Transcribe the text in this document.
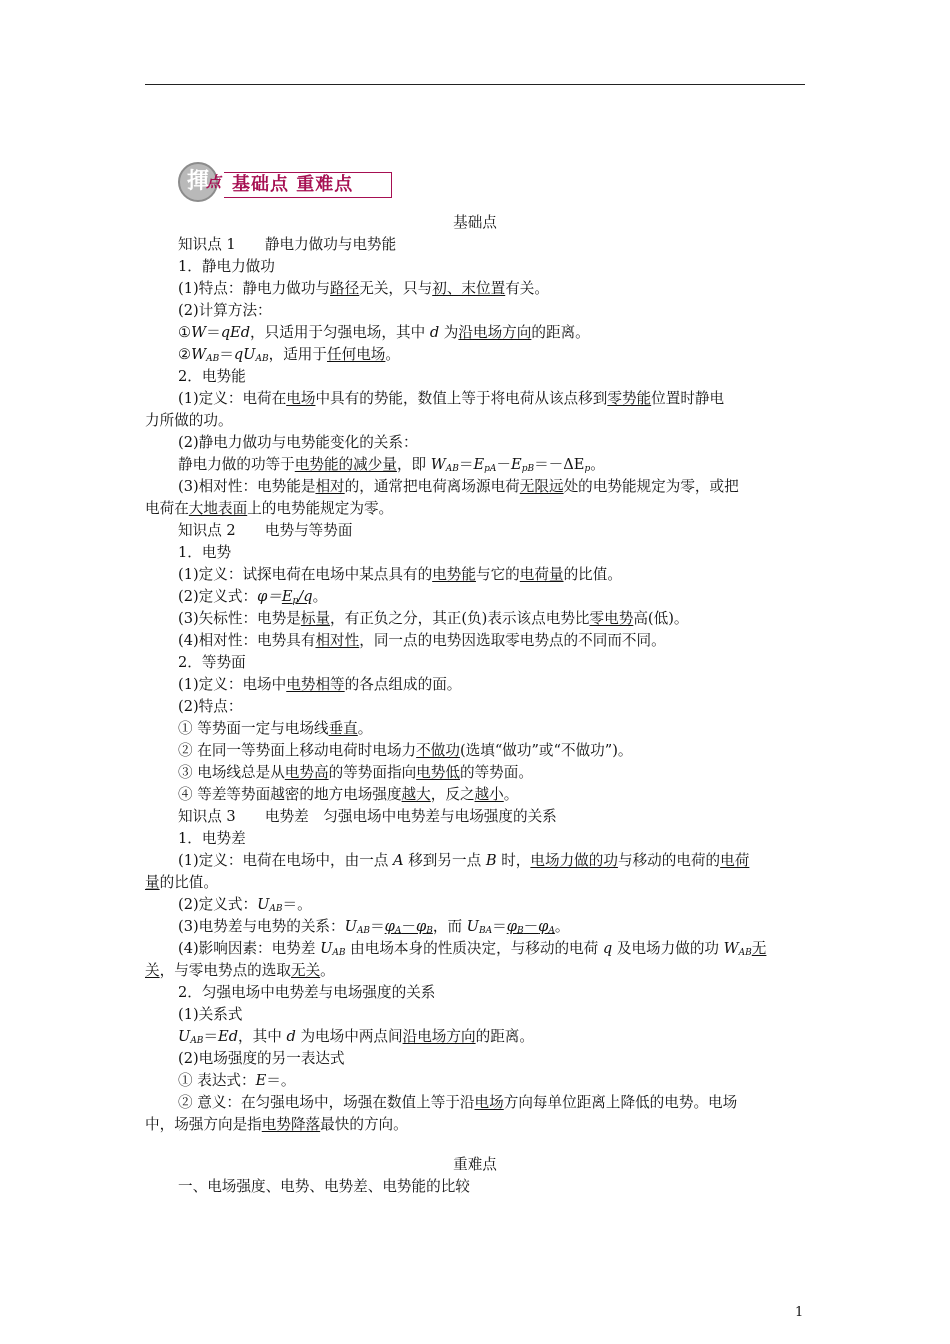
揮
点 基础点 重难点
基础点
知识点 1　　静电力做功与电势能
1．静电力做功
(1)特点：静电力做功与路径无关，只与初、末位置有关。
(2)计算方法：
①W＝qEd，只适用于匀强电场，其中 d 为沿电场方向的距离。
$②W_{AB}=qU_{AB}$，适用于任何电场。
2．电势能
(1)定义：电荷在电场中具有的势能，数值上等于将电荷从该点移到零势能位置时静电
力所做的功。
(2)静电力做功与电势能变化的关系：
静电力做的功等于电势能的减少量，即 $W_{AB}=E_{pA}-E_{pB}=-\Delta E_p$。
(3)相对性：电势能是相对的，通常把电荷离场源电荷无限远处的电势能规定为零，或把
电荷在大地表面上的电势能规定为零。
知识点 2　　电势与等势面
1．电势
(1)定义：试探电荷在电场中某点具有的电势能与它的电荷量的比值。
(2)定义式：$\varphi=E_p/q$。
(3)矢标性：电势是标量，有正负之分，其正(负)表示该点电势比零电势高(低)。
(4)相对性：电势具有相对性，同一点的电势因选取零电势点的不同而不同。
2．等势面
(1)定义：电场中电势相等的各点组成的面。
(2)特点：
① 等势面一定与电场线垂直。
② 在同一等势面上移动电荷时电场力不做功(选填“做功”或“不做功”)。
③ 电场线总是从电势高的等势面指向电势低的等势面。
④ 等差等势面越密的地方电场强度越大，反之越小。
知识点 3　　电势差　匀强电场中电势差与电场强度的关系
1．电势差
(1)定义：电荷在电场中，由一点 A 移到另一点 B 时，电场力做的功与移动的电荷的电荷
量的比值。
(2)定义式：$U_{AB}=$。
(3)电势差与电势的关系：$U_{AB}=\varphi_A-\varphi_B$，而 $U_{BA}=\varphi_B-\varphi_A$。
(4)影响因素：电势差 $U_{AB}$ 由电场本身的性质决定，与移动的电荷 q 及电场力做的功 $W_{AB}$无
关，与零电势点的选取无关。
2．匀强电场中电势差与电场强度的关系
(1)关系式
$U_{AB}=Ed$，其中 d 为电场中两点间沿电场方向的距离。
(2)电场强度的另一表达式
① 表达式：E＝。
② 意义：在匀强电场中，场强在数值上等于沿电场方向每单位距离上降低的电势。电场
中，场强方向是指电势降落最快的方向。
重难点
一、电场强度、电势、电势差、电势能的比较
1
